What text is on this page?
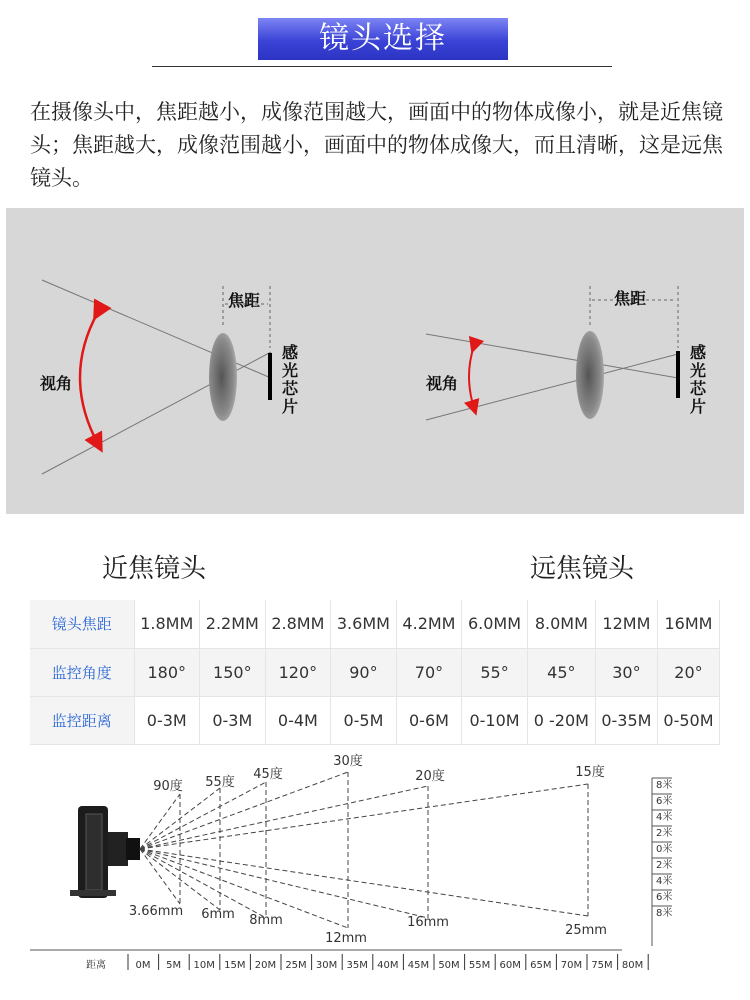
镜头选择

在摄像头中，焦距越小，成像范围越大，画面中的物体成像小，就是近焦镜头；焦距越大，成像范围越小，画面中的物体成像大，而且清晰，这是远焦镜头。

视角
焦距
感
光
芯
片
视角
焦距
感
光
芯
片
近焦镜头	远焦镜头
镜头焦距	1.8MM	2.2MM	2.8MM	3.6MM	4.2MM	6.0MM	8.0MM	12MM	16MM
监控角度	180°	150°	120°	90°	70°	55°	45°	30°	20°
监控距离	0-3M	0-3M	0-4M	0-5M	0-6M	0-10M	0 -20M	0-35M	0-50M
90度 55度
45度
30度
20度	15度
3.66mm 6mm 8mm
12mm
16mm
25mm
8米
6米
4米
2米
0米
2米
4米
6米
8米
距离	0M 5M 10M 15M 20M 25M 30M 35M 40M 45M 50M 55M 60M 65M 70M 75M 80M
